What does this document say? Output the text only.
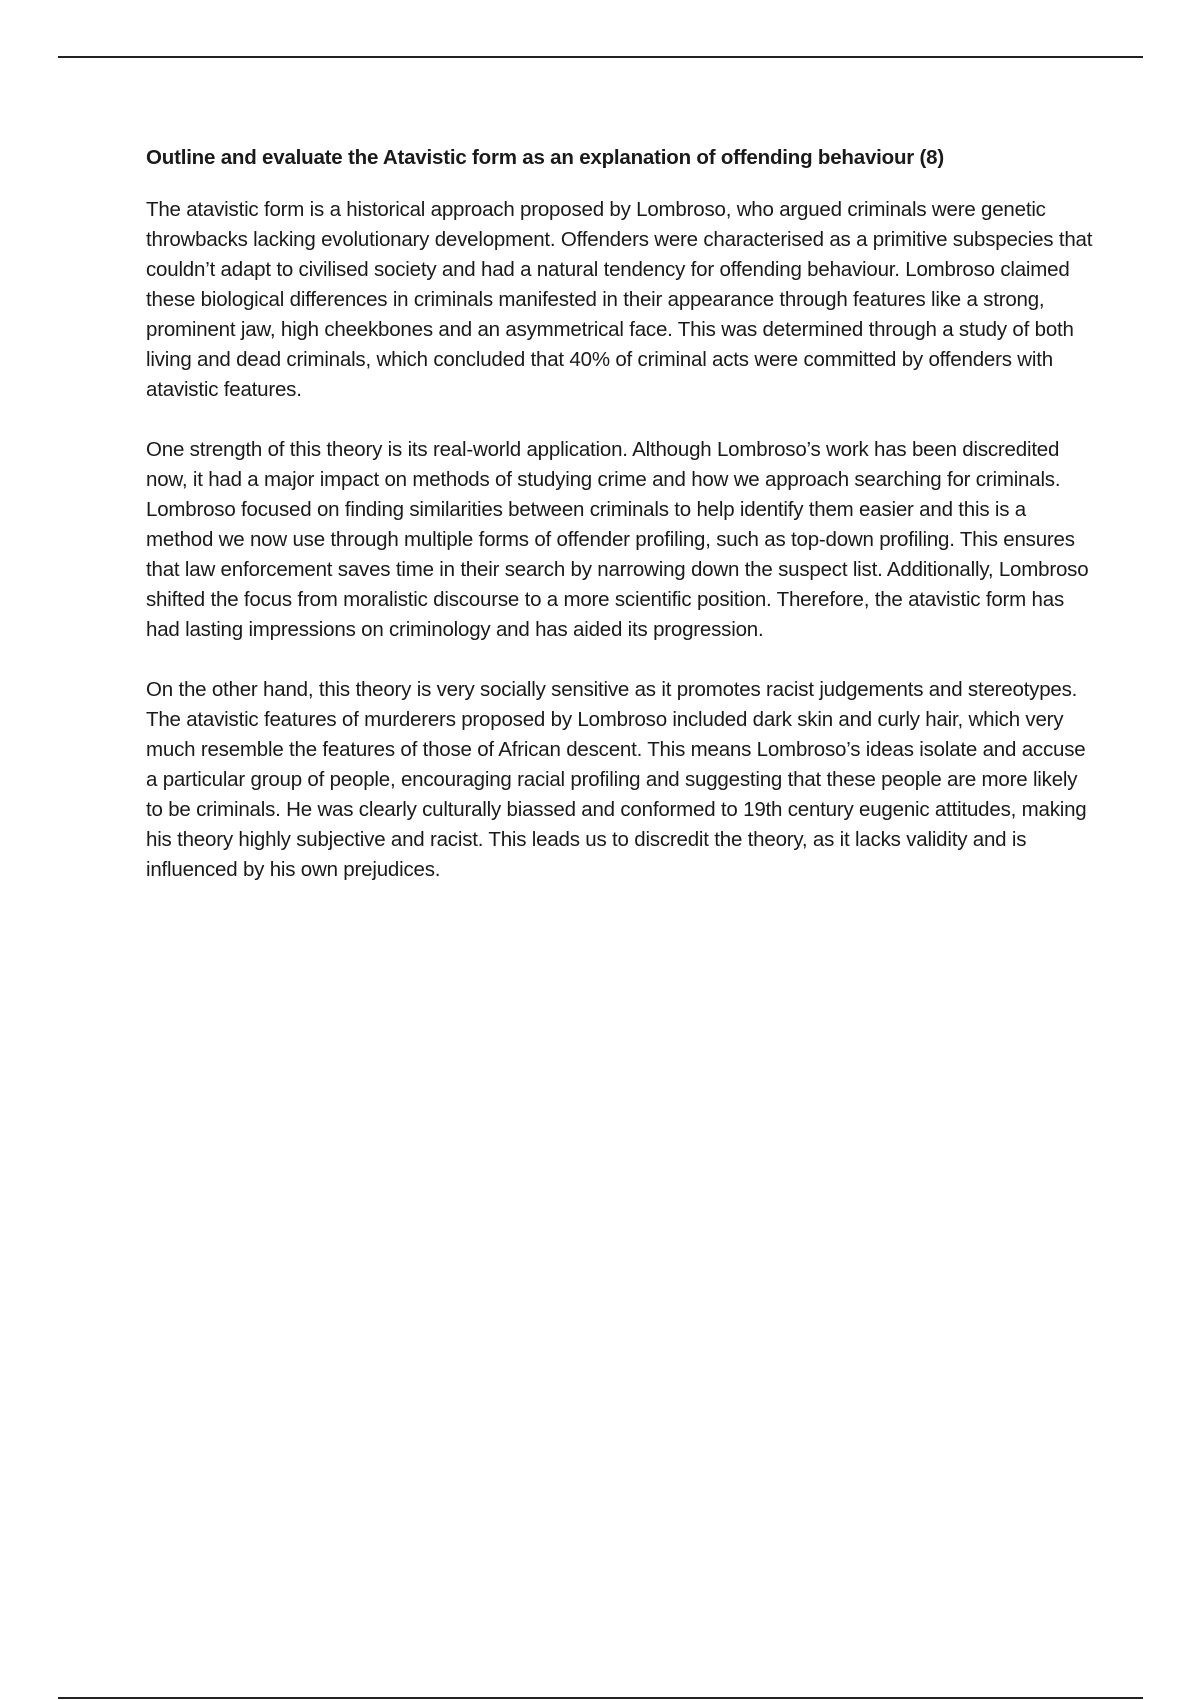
Outline and evaluate the Atavistic form as an explanation of offending behaviour (8)

The atavistic form is a historical approach proposed by Lombroso, who argued criminals were genetic throwbacks lacking evolutionary development. Offenders were characterised as a primitive subspecies that couldn’t adapt to civilised society and had a natural tendency for offending behaviour. Lombroso claimed these biological differences in criminals manifested in their appearance through features like a strong, prominent jaw, high cheekbones and an asymmetrical face. This was determined through a study of both living and dead criminals, which concluded that 40% of criminal acts were committed by offenders with atavistic features.

One strength of this theory is its real-world application. Although Lombroso’s work has been discredited now, it had a major impact on methods of studying crime and how we approach searching for criminals. Lombroso focused on finding similarities between criminals to help identify them easier and this is a method we now use through multiple forms of offender profiling, such as top-down profiling. This ensures that law enforcement saves time in their search by narrowing down the suspect list. Additionally, Lombroso shifted the focus from moralistic discourse to a more scientific position. Therefore, the atavistic form has had lasting impressions on criminology and has aided its progression.

On the other hand, this theory is very socially sensitive as it promotes racist judgements and stereotypes. The atavistic features of murderers proposed by Lombroso included dark skin and curly hair, which very much resemble the features of those of African descent. This means Lombroso’s ideas isolate and accuse a particular group of people, encouraging racial profiling and suggesting that these people are more likely to be criminals. He was clearly culturally biassed and conformed to 19th century eugenic attitudes, making his theory highly subjective and racist. This leads us to discredit the theory, as it lacks validity and is influenced by his own prejudices.
